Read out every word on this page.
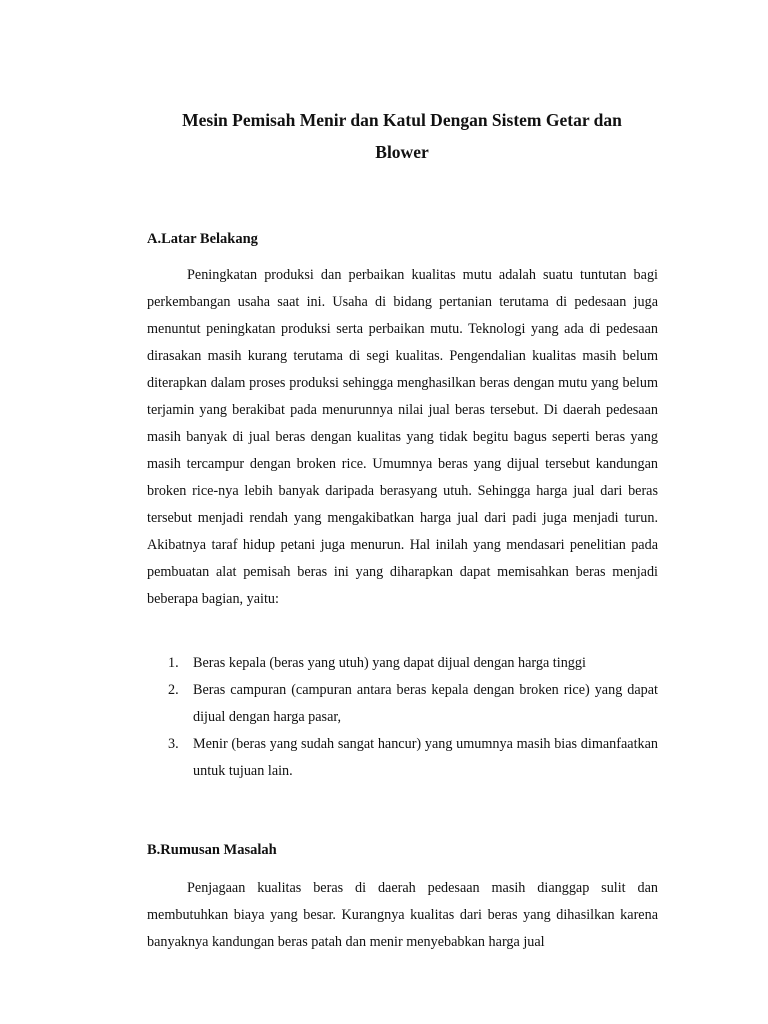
Mesin Pemisah Menir dan Katul Dengan Sistem Getar dan
Blower
A.Latar Belakang

Peningkatan produksi dan perbaikan kualitas mutu adalah suatu tuntutan bagi perkembangan usaha saat ini. Usaha di bidang pertanian terutama di pedesaan juga menuntut peningkatan produksi serta perbaikan mutu. Teknologi yang ada di pedesaan dirasakan masih kurang terutama di segi kualitas. Pengendalian kualitas masih belum diterapkan dalam proses produksi sehingga menghasilkan beras dengan mutu yang belum terjamin yang berakibat pada menurunnya nilai jual beras tersebut. Di daerah pedesaan masih banyak di jual beras dengan kualitas yang tidak begitu bagus seperti beras yang masih tercampur dengan broken rice. Umumnya beras yang dijual tersebut kandungan broken rice-nya lebih banyak daripada berasyang utuh. Sehingga harga jual dari beras tersebut menjadi rendah yang mengakibatkan harga jual dari padi juga menjadi turun. Akibatnya taraf hidup petani juga menurun. Hal inilah yang mendasari penelitian pada pembuatan alat pemisah beras ini yang diharapkan dapat memisahkan beras menjadi beberapa bagian, yaitu:

1. Beras kepala (beras yang utuh) yang dapat dijual dengan harga tinggi
2. Beras campuran (campuran antara beras kepala dengan broken rice) yang dapat dijual dengan harga pasar,
3. Menir (beras yang sudah sangat hancur) yang umumnya masih bias dimanfaatkan untuk tujuan lain.
B.Rumusan Masalah

Penjagaan kualitas beras di daerah pedesaan masih dianggap sulit dan membutuhkan biaya yang besar. Kurangnya kualitas dari beras yang dihasilkan karena banyaknya kandungan beras patah dan menir menyebabkan harga jual
